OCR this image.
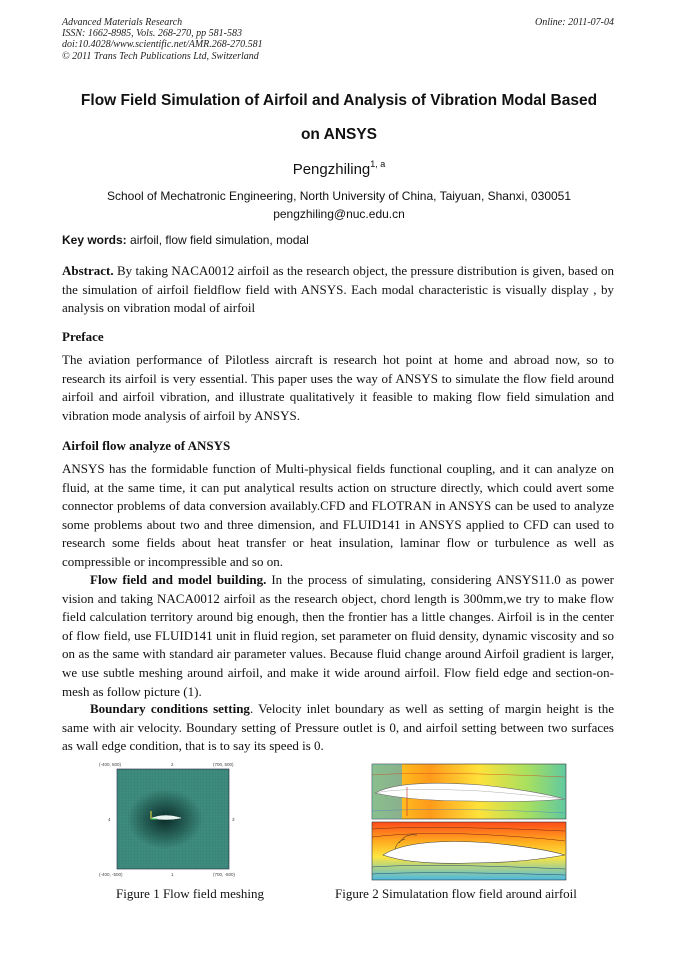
Advanced Materials Research
ISSN: 1662-8985, Vols. 268-270, pp 581-583
doi:10.4028/www.scientific.net/AMR.268-270.581
© 2011 Trans Tech Publications Ltd, Switzerland
Online: 2011-07-04
Flow Field Simulation of Airfoil and Analysis of Vibration Modal Based
on ANSYS
Pengzhiling$^{1, a}$
School of Mechatronic Engineering, North University of China, Taiyuan, Shanxi, 030051
pengzhiling@nuc.edu.cn
Key words: airfoil, flow field simulation, modal
Abstract. By taking NACA0012 airfoil as the research object, the pressure distribution is given, based on the simulation of airfoil fieldflow field with ANSYS. Each modal characteristic is visually display , by analysis on vibration modal of airfoil
Preface
The aviation performance of Pilotless aircraft is research hot point at home and abroad now, so to research its airfoil is very essential. This paper uses the way of ANSYS to simulate the flow field around airfoil and airfoil vibration, and illustrate qualitatively it feasible to making flow field simulation and vibration mode analysis of airfoil by ANSYS.
Airfoil flow analyze of ANSYS
ANSYS has the formidable function of Multi-physical fields functional coupling, and it can analyze on fluid, at the same time, it can put analytical results action on structure directly, which could avert some connector problems of data conversion availably.CFD and FLOTRAN in ANSYS can be used to analyze some problems about two and three dimension, and FLUID141 in ANSYS applied to CFD can used to research some fields about heat transfer or heat insulation, laminar flow or turbulence as well as compressible or incompressible and so on.
Flow field and model building. In the process of simulating, considering ANSYS11.0 as power vision and taking NACA0012 airfoil as the research object, chord length is 300mm,we try to make flow field calculation territory around big enough, then the frontier has a little changes. Airfoil is in the center of flow field, use FLUID141 unit in fluid region, set parameter on fluid density, dynamic viscosity and so on as the same with standard air parameter values. Because fluid change around Airfoil gradient is larger, we use subtle meshing around airfoil, and make it wide around airfoil. Flow field edge and section-on-mesh as follow picture (1).
Boundary conditions setting. Velocity inlet boundary as well as setting of margin height is the same with air velocity. Boundary setting of Pressure outlet is 0, and airfoil setting between two surfaces as wall edge condition, that is to say its speed is 0.
(-400, 500)	(700, 500)
(-400, -500)	(700, -500)
2
1
4	3
Figure 1 Flow field meshing	Figure 2 Simulatation flow field around airfoil
